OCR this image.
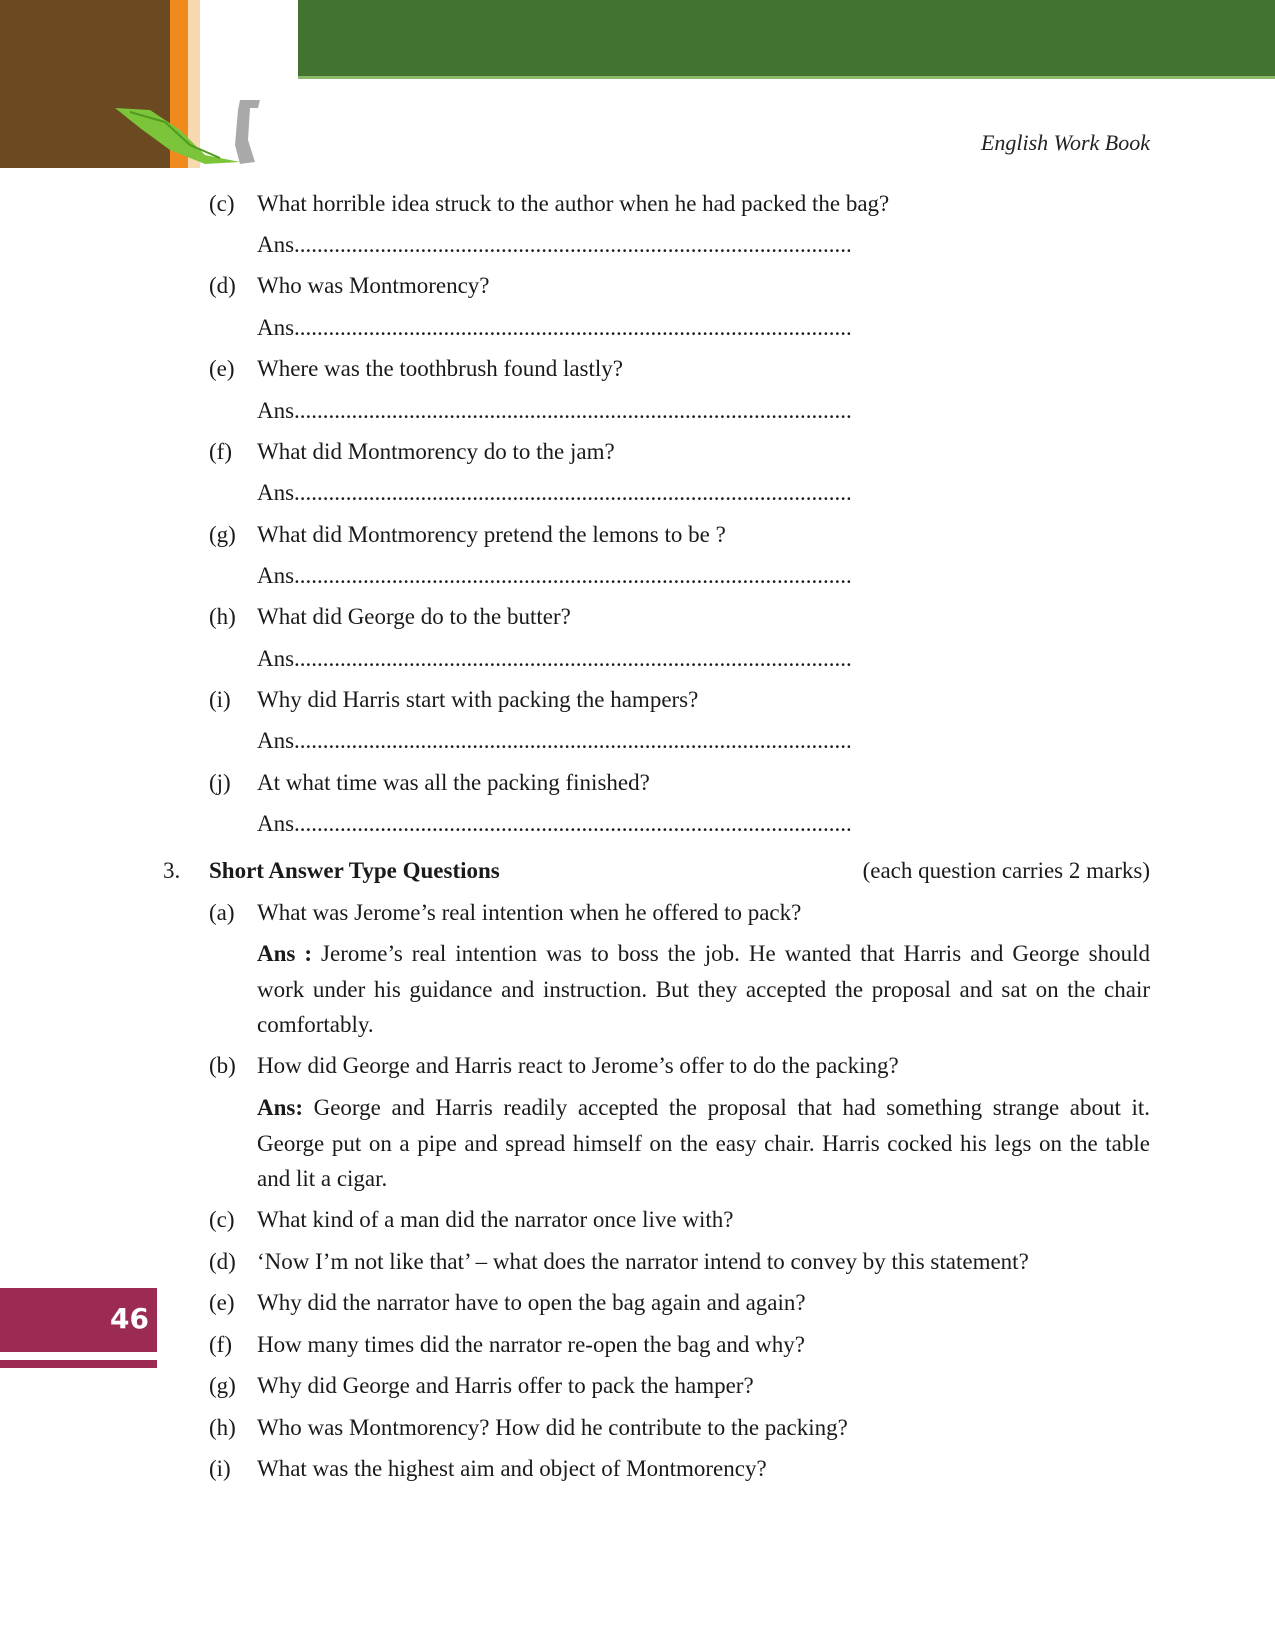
English Work Book
46
(c) What horrible idea struck to the author when he had packed the bag?
Ans.................................................................................................
(d) Who was Montmorency?
Ans.................................................................................................
(e) Where was the toothbrush found lastly?
Ans.................................................................................................
(f) What did Montmorency do to the jam?
Ans.................................................................................................
(g) What did Montmorency pretend the lemons to be ?
Ans.................................................................................................
(h) What did George do to the butter?
Ans.................................................................................................
(i) Why did Harris start with packing the hampers?
Ans.................................................................................................
(j) At what time was all the packing finished?
Ans.................................................................................................
3. Short Answer Type Questions	(each question carries 2 marks)
(a) What was Jerome’s real intention when he offered to pack?
Ans : Jerome’s real intention was to boss the job. He wanted that Harris and George should work under his guidance and instruction. But they accepted the proposal and sat on the chair comfortably.
(b) How did George and Harris react to Jerome’s offer to do the packing?
Ans: George and Harris readily accepted the proposal that had something strange about it. George put on a pipe and spread himself on the easy chair. Harris cocked his legs on the table and lit a cigar.
(c) What kind of a man did the narrator once live with?
(d) ‘Now I’m not like that’ – what does the narrator intend to convey by this statement?
(e) Why did the narrator have to open the bag again and again?
(f) How many times did the narrator re-open the bag and why?
(g) Why did George and Harris offer to pack the hamper?
(h) Who was Montmorency? How did he contribute to the packing?
(i) What was the highest aim and object of Montmorency?
